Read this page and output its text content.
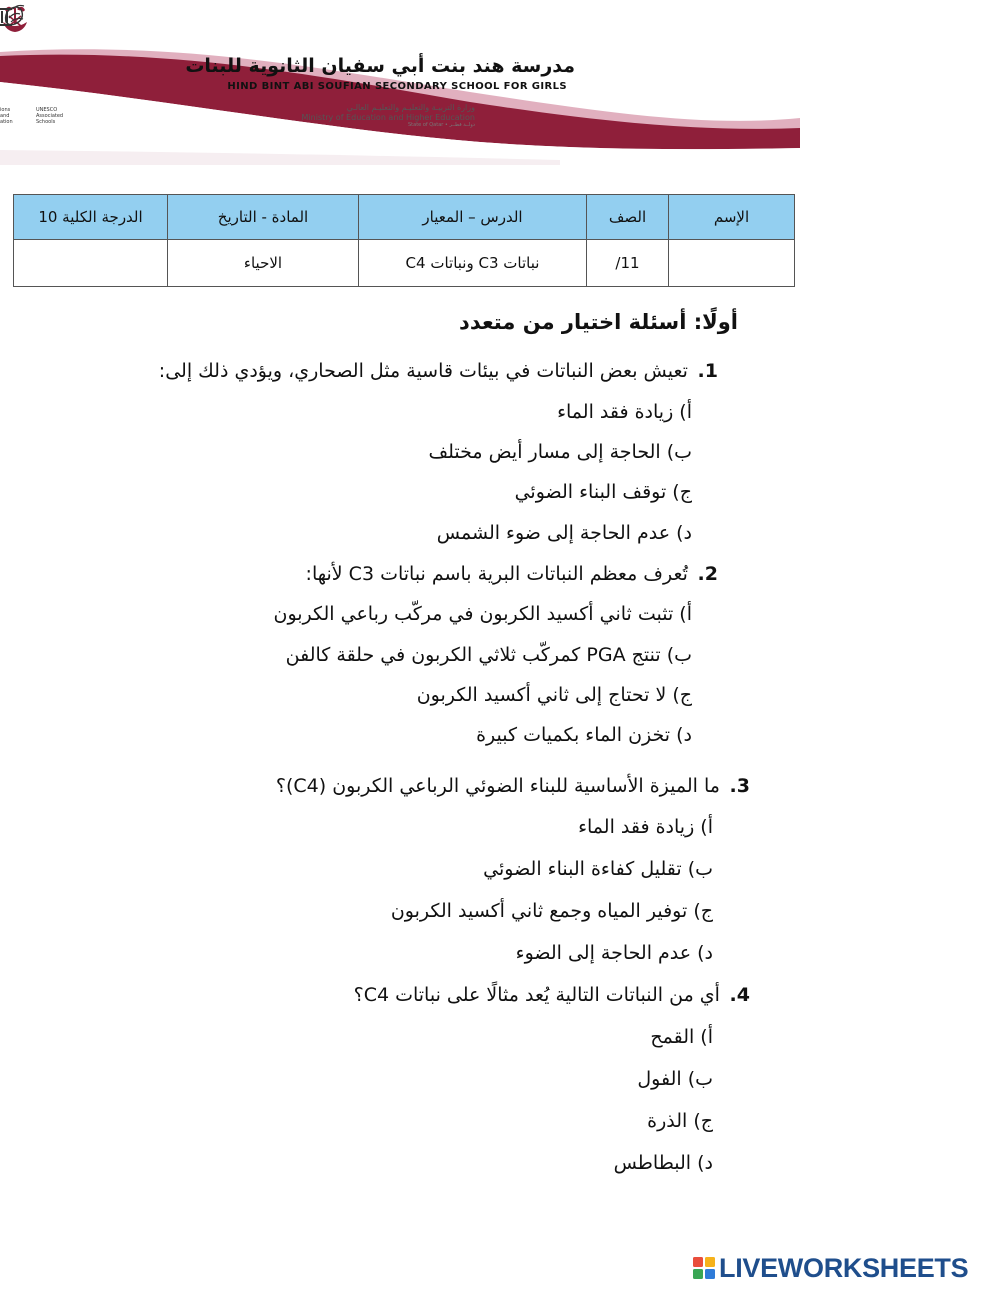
مدرسة هند بنت أبي سفيان الثانوية للبنات
HIND BINT ABI SOUFIAN SECONDARY SCHOOL FOR GIRLS
وزارة التربيـة والتعليـم والتعليـم العالـي
Ministry of Education and Higher Education
State of Qatar • دولــة قطــر
UNESCO
Associated
Schools
ions
and
ation
الإسم	الصف	الدرس – المعيار	المادة - التاريخ	الدرجة الكلية 10
	11/	نباتات C3 ونباتات C4	الاحياء	
أولًا: أسئلة اختيار من متعدد
1. تعيش بعض النباتات في بيئات قاسية مثل الصحاري، ويؤدي ذلك إلى:
أ) زيادة فقد الماء
ب) الحاجة إلى مسار أيض مختلف
ج) توقف البناء الضوئي
د) عدم الحاجة إلى ضوء الشمس
2. تُعرف معظم النباتات البرية باسم نباتات C3 لأنها:
أ) تثبت ثاني أكسيد الكربون في مركّب رباعي الكربون
ب) تنتج PGA كمركّب ثلاثي الكربون في حلقة كالفن
ج) لا تحتاج إلى ثاني أكسيد الكربون
د) تخزن الماء بكميات كبيرة
3. ما الميزة الأساسية للبناء الضوئي الرباعي الكربون (C4)؟
أ) زيادة فقد الماء
ب) تقليل كفاءة البناء الضوئي
ج) توفير المياه وجمع ثاني أكسيد الكربون
د) عدم الحاجة إلى الضوء
4. أي من النباتات التالية يُعد مثالًا على نباتات C4؟
أ) القمح
ب) الفول
ج) الذرة
د) البطاطس
LIVEWORKSHEETS
